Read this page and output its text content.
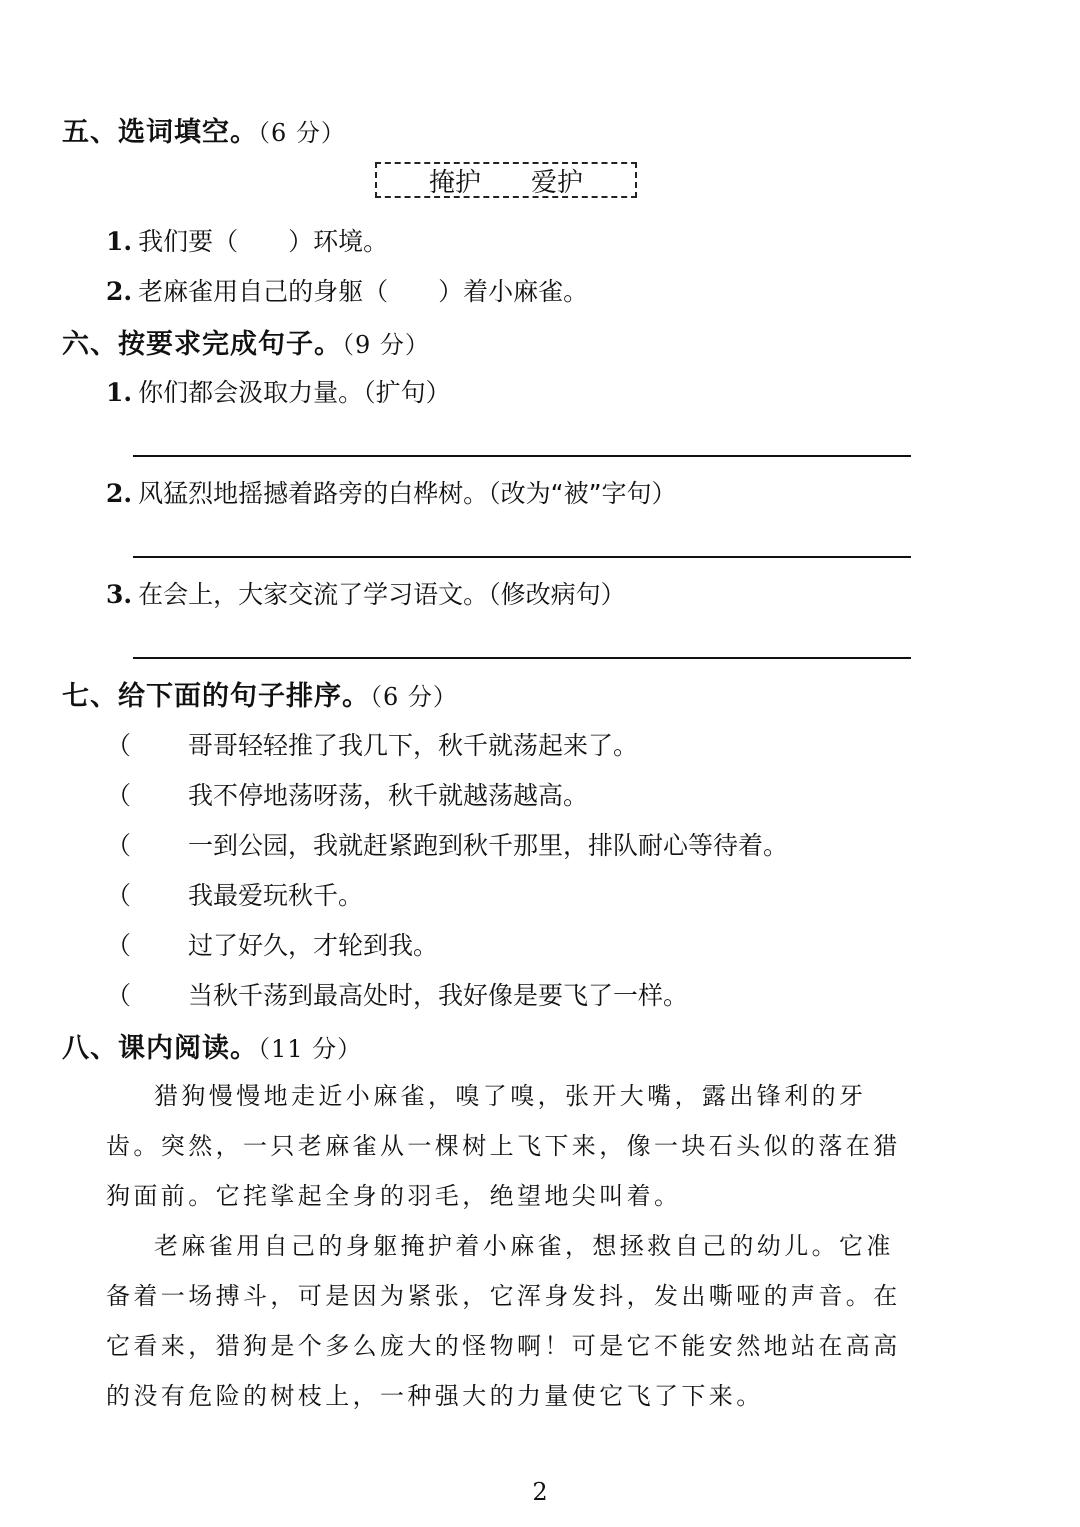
五、选词填空。（6 分）
掩护 爱护
1. 我们要（ ）环境。
2. 老麻雀用自己的身躯（ ）着小麻雀。
六、按要求完成句子。（9 分）
1. 你们都会汲取力量。（扩句）
2. 风猛烈地摇撼着路旁的白桦树。（改为“被”字句）
3. 在会上，大家交流了学习语文。（修改病句）
七、给下面的句子排序。（6 分）
（ 哥哥轻轻推了我几下，秋千就荡起来了。
（ 我不停地荡呀荡，秋千就越荡越高。
（ 一到公园，我就赶紧跑到秋千那里，排队耐心等待着。
（ 我最爱玩秋千。
（ 过了好久，才轮到我。
（ 当秋千荡到最高处时，我好像是要飞了一样。
八、课内阅读。（11 分）

猎狗慢慢地走近小麻雀，嗅了嗅，张开大嘴，露出锋利的牙齿。突然，一只老麻雀从一棵树上飞下来，像一块石头似的落在猎狗面前。它挓挲起全身的羽毛，绝望地尖叫着。

老麻雀用自己的身躯掩护着小麻雀，想拯救自己的幼儿。它准备着一场搏斗，可是因为紧张，它浑身发抖，发出嘶哑的声音。在它看来，猎狗是个多么庞大的怪物啊！可是它不能安然地站在高高的没有危险的树枝上，一种强大的力量使它飞了下来。

2
